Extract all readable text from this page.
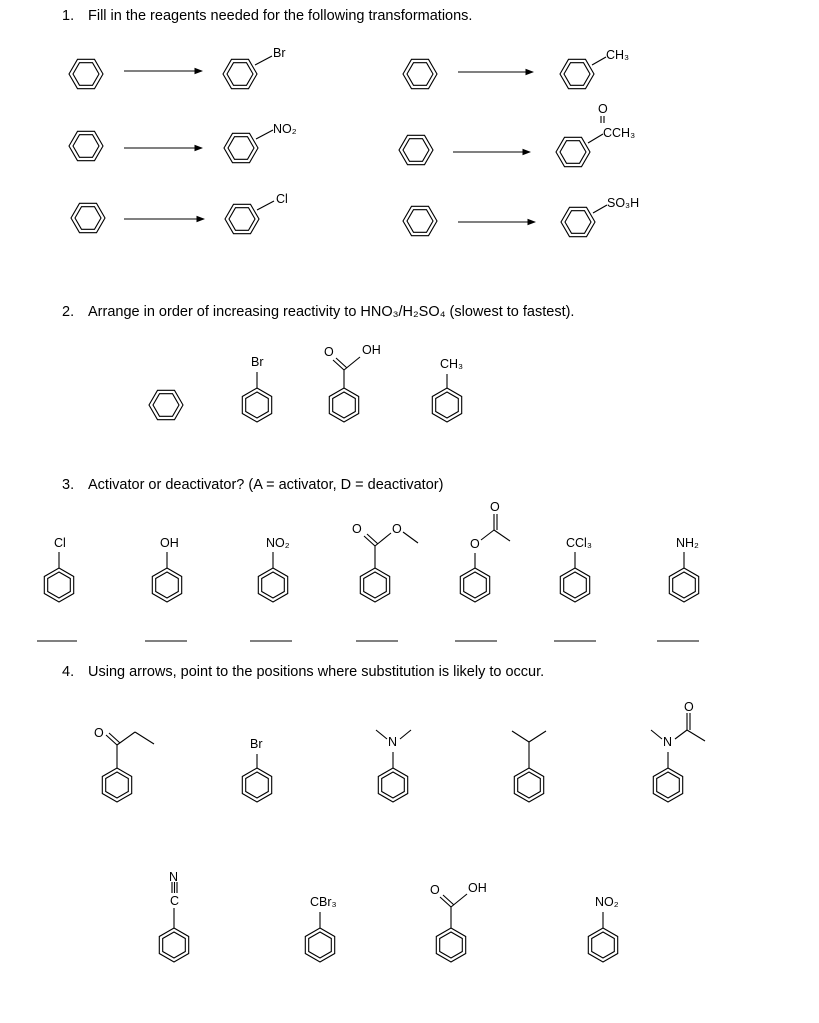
1. Fill in the reagents needed for the following transformations.
2. Arrange in order of increasing reactivity to HNO₃/H₂SO₄ (slowest to fastest).
3. Activator or deactivator? (A = activator, D = deactivator)
4. Using arrows, point to the positions where substitution is likely to occur.
Br	CH₃
NO₂
O
CCH₃
Cl	SO₃H
Br
O OH
CH₃
Cl	OH	NO₂
O O
O
O
CCl₃	NH₂
O
Br	N	N
O
C
N
CBr₃
O OH
NO₂
